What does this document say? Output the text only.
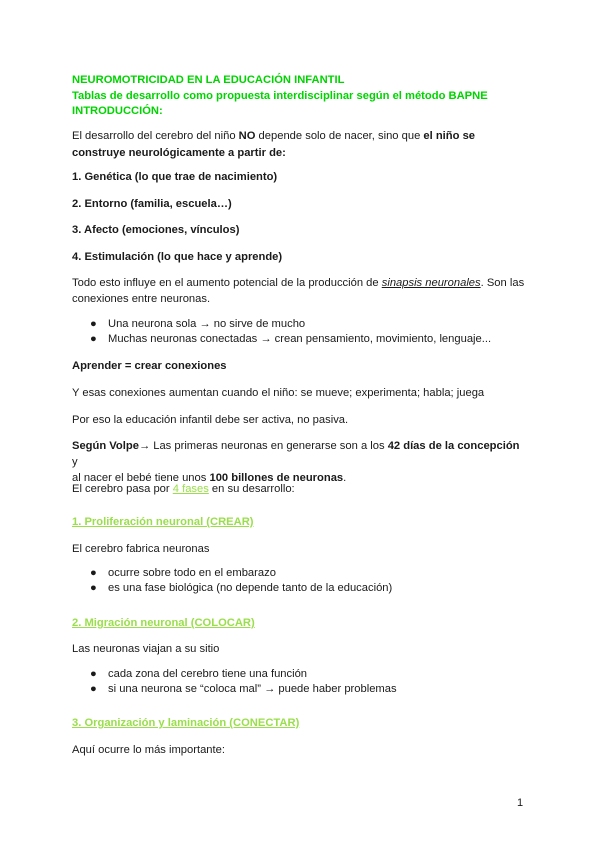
NEUROMOTRICIDAD EN LA EDUCACIÓN INFANTIL
Tablas de desarrollo como propuesta interdisciplinar según el método BAPNE
INTRODUCCIÓN:
El desarrollo del cerebro del niño NO depende solo de nacer, sino que el niño se construye neurológicamente a partir de:
1. Genética (lo que trae de nacimiento)
2. Entorno (familia, escuela…)
3. Afecto (emociones, vínculos)
4. Estimulación (lo que hace y aprende)
Todo esto influye en el aumento potencial de la producción de sinapsis neuronales. Son las
conexiones entre neuronas.
● Una neurona sola → no sirve de mucho
● Muchas neuronas conectadas → crean pensamiento, movimiento, lenguaje...
Aprender = crear conexiones
Y esas conexiones aumentan cuando el niño: se mueve; experimenta; habla; juega
Por eso la educación infantil debe ser activa, no pasiva.
Según Volpe→ Las primeras neuronas en generarse son a los 42 días de la concepción y
al nacer el bebé tiene unos 100 billones de neuronas.
El cerebro pasa por 4 fases en su desarrollo:
1. Proliferación neuronal (CREAR)
El cerebro fabrica neuronas
● ocurre sobre todo en el embarazo
● es una fase biológica (no depende tanto de la educación)
2. Migración neuronal (COLOCAR)
Las neuronas viajan a su sitio
● cada zona del cerebro tiene una función
● si una neurona se “coloca mal” → puede haber problemas
3. Organización y laminación (CONECTAR)
Aquí ocurre lo más importante:
1
